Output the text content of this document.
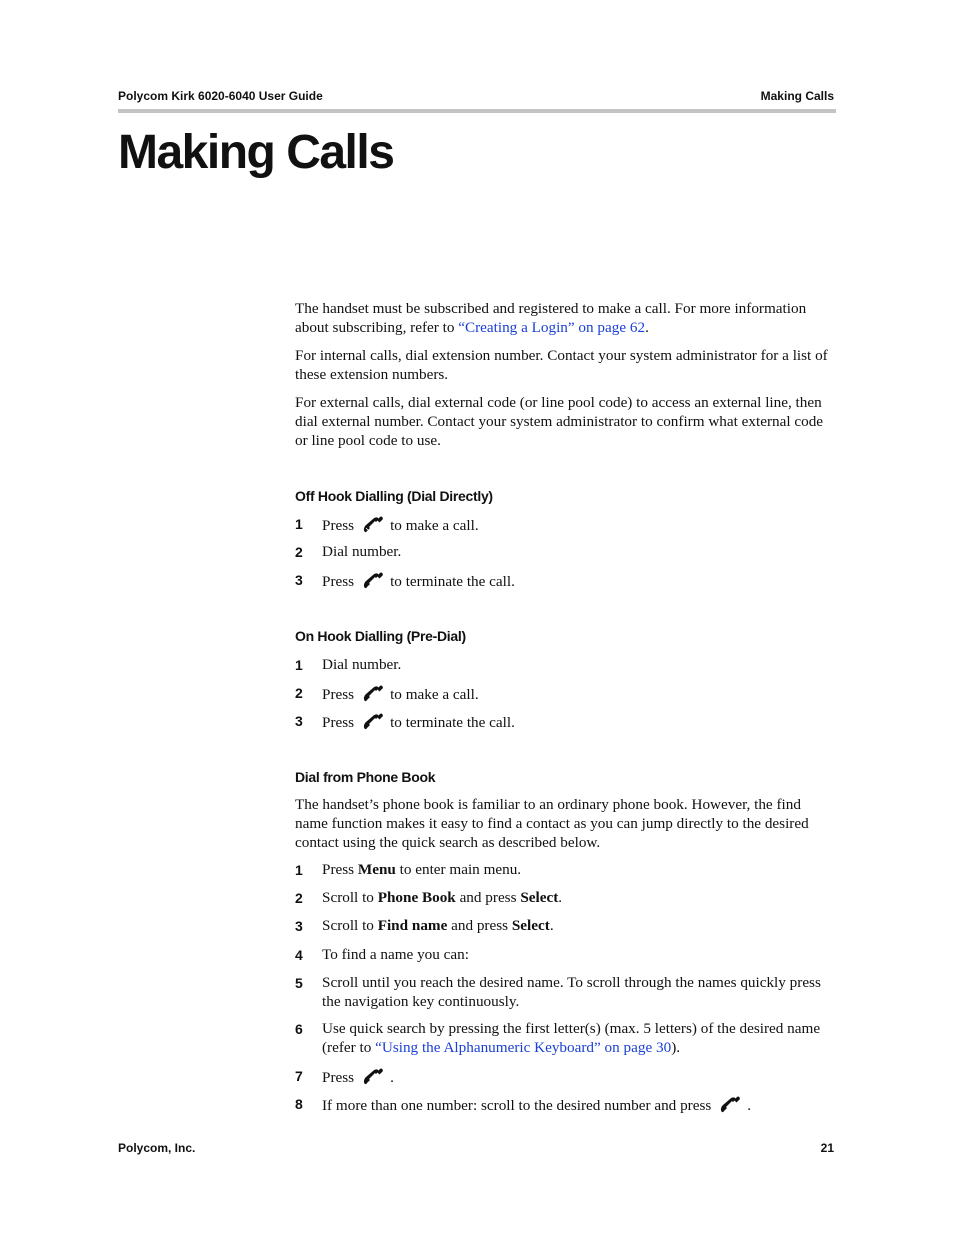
Polycom Kirk 6020-6040 User Guide	Making Calls
Making Calls

The handset must be subscribed and registered to make a call. For more information about subscribing, refer to “Creating a Login” on page 62.

For internal calls, dial extension number. Contact your system administrator for a list of these extension numbers.

For external calls, dial external code (or line pool code) to access an external line, then dial external number. Contact your system administrator to confirm what external code or line pool code to use.

Off Hook Dialling (Dial Directly)
1 Press to make a call.
2 Dial number.
3 Press to terminate the call.
On Hook Dialling (Pre-Dial)
1 Dial number.
2 Press to make a call.
3 Press to terminate the call.
Dial from Phone Book

The handset’s phone book is familiar to an ordinary phone book. However, the find name function makes it easy to find a contact as you can jump directly to the desired contact using the quick search as described below.

1 Press Menu to enter main menu.
2 Scroll to Phone Book and press Select.
3 Scroll to Find name and press Select.
4 To find a name you can:
5 Scroll until you reach the desired name. To scroll through the names quickly press the navigation key continuously.
6 Use quick search by pressing the first letter(s) (max. 5 letters) of the desired name (refer to “Using the Alphanumeric Keyboard” on page 30).
7 Press .
8 If more than one number: scroll to the desired number and press .
Polycom, Inc.	21
